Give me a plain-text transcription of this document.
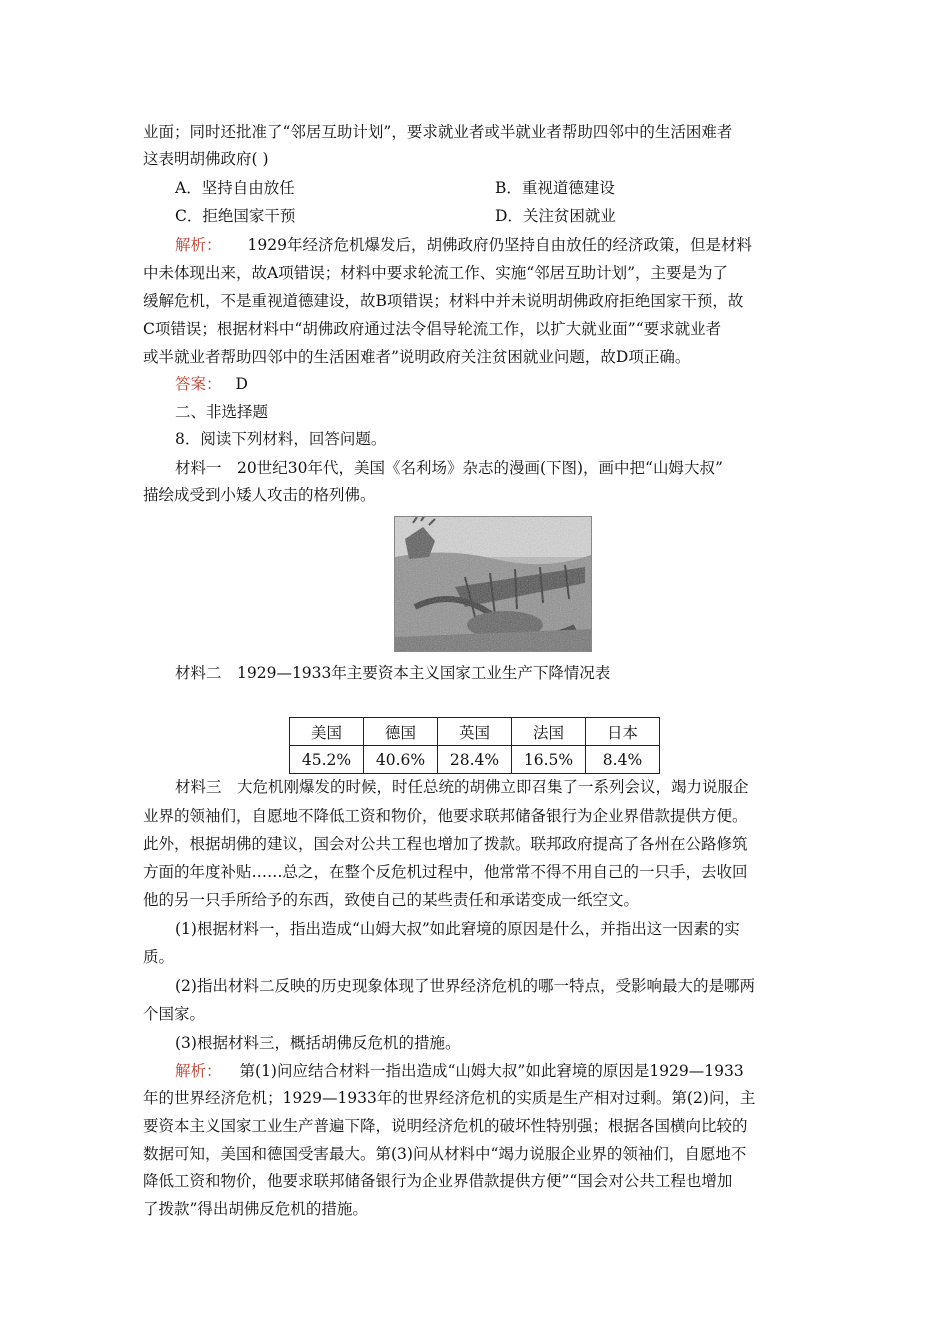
业面；同时还批准了“邻居互助计划”，要求就业者或半就业者帮助四邻中的生活困难者
这表明胡佛政府( )
A．坚持自由放任	B．重视道德建设
C．拒绝国家干预	D．关注贫困就业
解析： 1929年经济危机爆发后，胡佛政府仍坚持自由放任的经济政策，但是材料
中未体现出来，故A项错误；材料中要求轮流工作、实施“邻居互助计划”，主要是为了
缓解危机，不是重视道德建设，故B项错误；材料中并未说明胡佛政府拒绝国家干预，故
C项错误；根据材料中“胡佛政府通过法令倡导轮流工作，以扩大就业面”“要求就业者
或半就业者帮助四邻中的生活困难者”说明政府关注贫困就业问题，故D项正确。
答案： D
二、非选择题
8．阅读下列材料，回答问题。
材料一　20世纪30年代，美国《名利场》杂志的漫画(下图)，画中把“山姆大叔”
描绘成受到小矮人攻击的格列佛。
材料二　1929—1933年主要资本主义国家工业生产下降情况表
美国	德国	英国	法国	日本
45.2%	40.6%	28.4%	16.5%	8.4%
材料三　大危机刚爆发的时候，时任总统的胡佛立即召集了一系列会议，竭力说服企
业界的领袖们，自愿地不降低工资和物价，他要求联邦储备银行为企业界借款提供方便。
此外，根据胡佛的建议，国会对公共工程也增加了拨款。联邦政府提高了各州在公路修筑
方面的年度补贴……总之，在整个反危机过程中，他常常不得不用自己的一只手，去收回
他的另一只手所给予的东西，致使自己的某些责任和承诺变成一纸空文。
(1)根据材料一，指出造成“山姆大叔”如此窘境的原因是什么，并指出这一因素的实
质。
(2)指出材料二反映的历史现象体现了世界经济危机的哪一特点，受影响最大的是哪两
个国家。
(3)根据材料三，概括胡佛反危机的措施。
解析： 第(1)问应结合材料一指出造成“山姆大叔”如此窘境的原因是1929—1933
年的世界经济危机；1929—1933年的世界经济危机的实质是生产相对过剩。第(2)问，主
要资本主义国家工业生产普遍下降，说明经济危机的破坏性特别强；根据各国横向比较的
数据可知，美国和德国受害最大。第(3)问从材料中“竭力说服企业界的领袖们，自愿地不
降低工资和物价，他要求联邦储备银行为企业界借款提供方便”“国会对公共工程也增加
了拨款”得出胡佛反危机的措施。
